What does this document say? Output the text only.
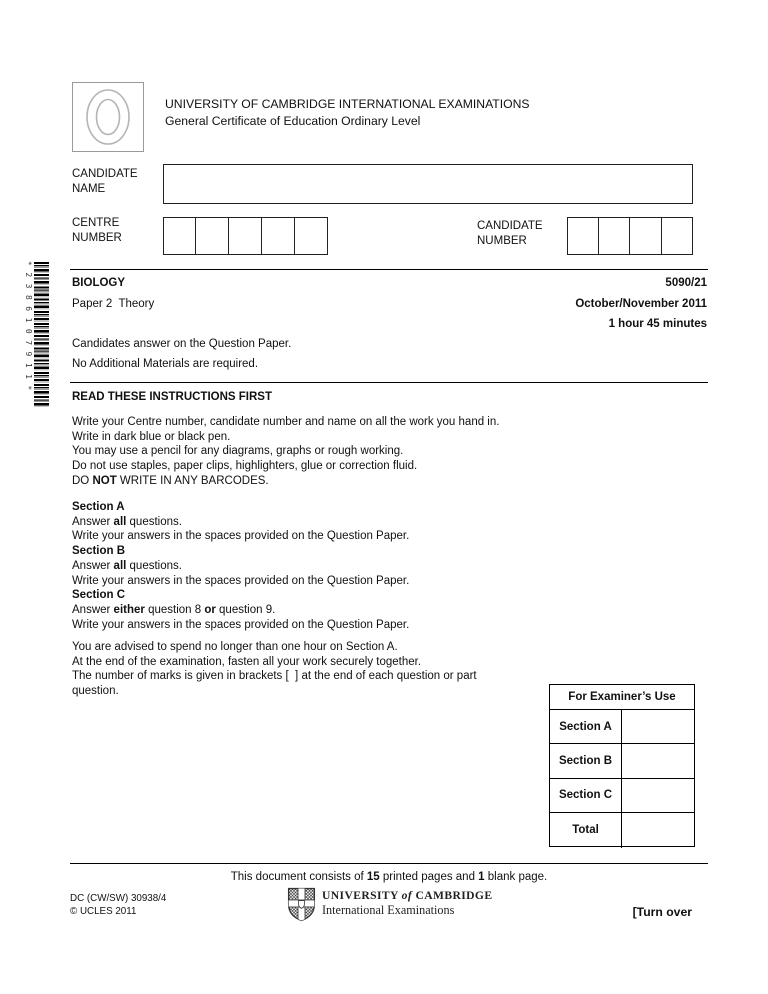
*2386107911*
UNIVERSITY OF CAMBRIDGE INTERNATIONAL EXAMINATIONS
General Certificate of Education Ordinary Level
CANDIDATE
NAME
CENTRE
NUMBER
CANDIDATE
NUMBER
BIOLOGY	5090/21
Paper 2  Theory	October/November 2011
1 hour 45 minutes
Candidates answer on the Question Paper.
No Additional Materials are required.
READ THESE INSTRUCTIONS FIRST
Write your Centre number, candidate number and name on all the work you hand in.
Write in dark blue or black pen.
You may use a pencil for any diagrams, graphs or rough working.
Do not use staples, paper clips, highlighters, glue or correction fluid.
DO NOT WRITE IN ANY BARCODES.
Section A
Answer all questions.
Write your answers in the spaces provided on the Question Paper.
Section B
Answer all questions.
Write your answers in the spaces provided on the Question Paper.
Section C
Answer either question 8 or question 9.
Write your answers in the spaces provided on the Question Paper.
You are advised to spend no longer than one hour on Section A.
At the end of the examination, fasten all your work securely together.
The number of marks is given in brackets [  ] at the end of each question or part
question.	For Examiner’s Use
Section A
Section B
Section C
Total
This document consists of 15 printed pages and 1 blank page.
DC (CW/SW) 30938/4
© UCLES 2011
UNIVERSITY of CAMBRIDGE
International Examinations	[Turn over
